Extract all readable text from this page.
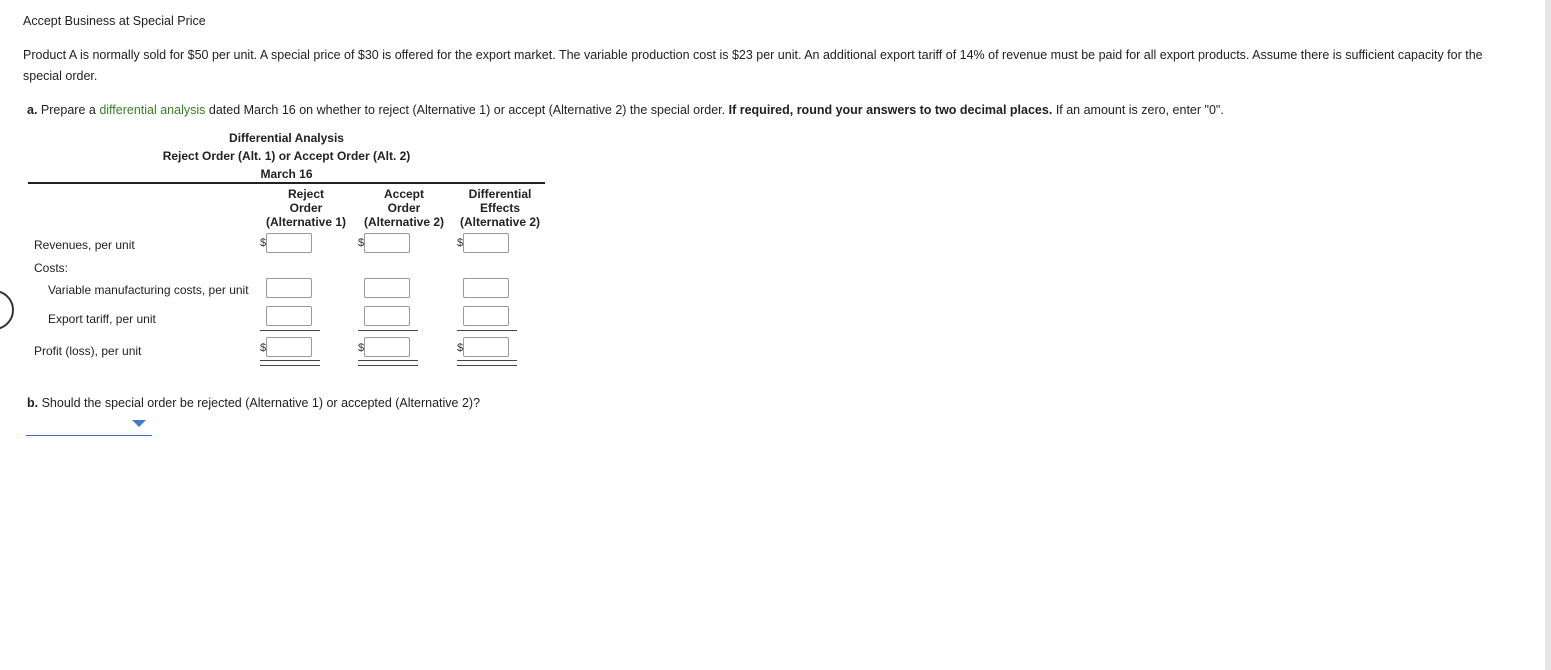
Accept Business at Special Price
Product A is normally sold for $50 per unit. A special price of $30 is offered for the export market. The variable production cost is $23 per unit. An additional export tariff of 14% of revenue must be paid for all export products. Assume there is sufficient capacity for the special order.
a. Prepare a differential analysis dated March 16 on whether to reject (Alternative 1) or accept (Alternative 2) the special order. If required, round your answers to two decimal places. If an amount is zero, enter "0".
Differential Analysis
Reject Order (Alt. 1) or Accept Order (Alt. 2)
March 16
Reject
Order
(Alternative 1)
Accept
Order
(Alternative 2)
Differential
Effects
(Alternative 2)
Revenues, per unit	$	$	$
Costs:
Variable manufacturing costs, per unit
Export tariff, per unit
Profit (loss), per unit	$	$	$
b. Should the special order be rejected (Alternative 1) or accepted (Alternative 2)?
